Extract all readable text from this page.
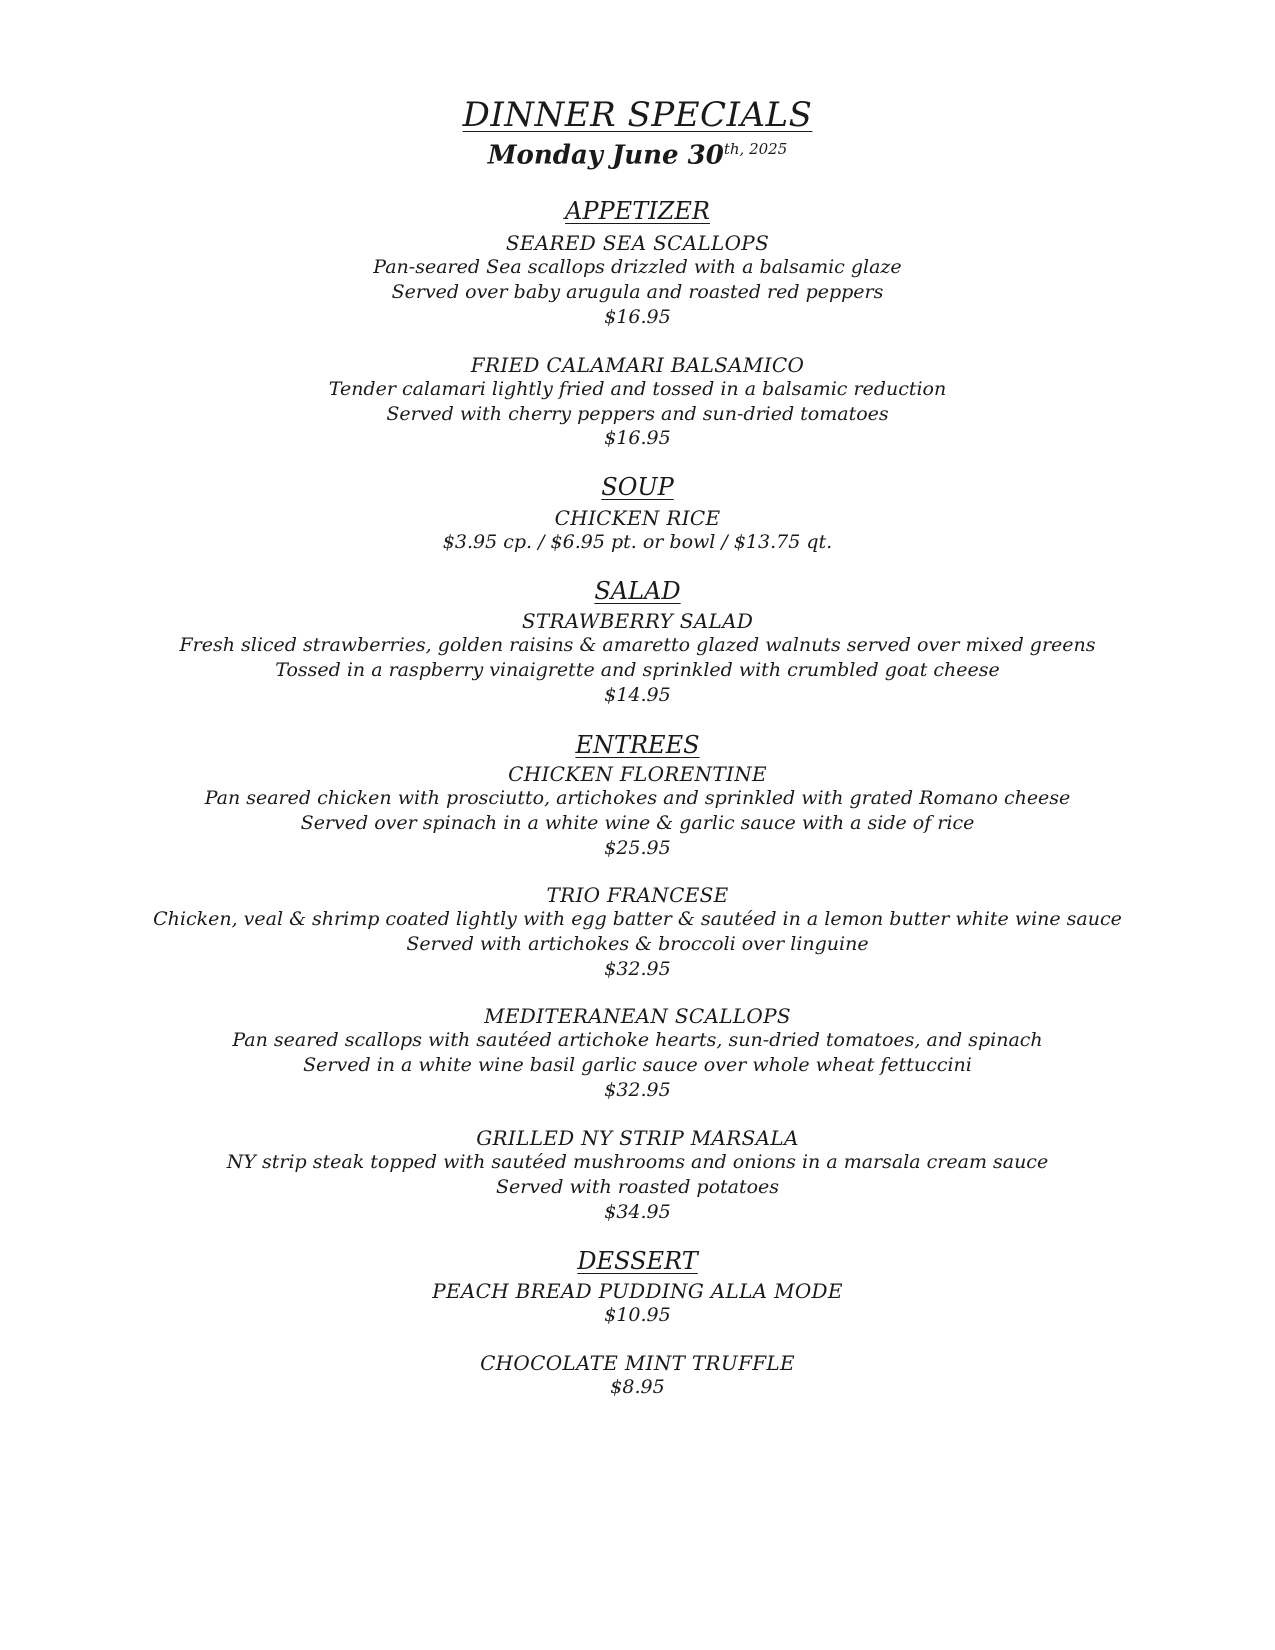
DINNER SPECIALS
Monday June $30^{th, 2025}$
APPETIZER
SEARED SEA SCALLOPS
Pan-seared Sea scallops drizzled with a balsamic glaze
Served over baby arugula and roasted red peppers
$16.95
FRIED CALAMARI BALSAMICO
Tender calamari lightly fried and tossed in a balsamic reduction
Served with cherry peppers and sun-dried tomatoes
$16.95
SOUP
CHICKEN RICE
$3.95 cp. / $6.95 pt. or bowl / $13.75 qt.
SALAD
STRAWBERRY SALAD
Fresh sliced strawberries, golden raisins & amaretto glazed walnuts served over mixed greens
Tossed in a raspberry vinaigrette and sprinkled with crumbled goat cheese
$14.95
ENTREES
CHICKEN FLORENTINE
Pan seared chicken with prosciutto, artichokes and sprinkled with grated Romano cheese
Served over spinach in a white wine & garlic sauce with a side of rice
$25.95
TRIO FRANCESE
Chicken, veal & shrimp coated lightly with egg batter & sautéed in a lemon butter white wine sauce
Served with artichokes & broccoli over linguine
$32.95
MEDITERANEAN SCALLOPS
Pan seared scallops with sautéed artichoke hearts, sun-dried tomatoes, and spinach
Served in a white wine basil garlic sauce over whole wheat fettuccini
$32.95
GRILLED NY STRIP MARSALA
NY strip steak topped with sautéed mushrooms and onions in a marsala cream sauce
Served with roasted potatoes
$34.95
DESSERT
PEACH BREAD PUDDING ALLA MODE
$10.95
CHOCOLATE MINT TRUFFLE
$8.95
